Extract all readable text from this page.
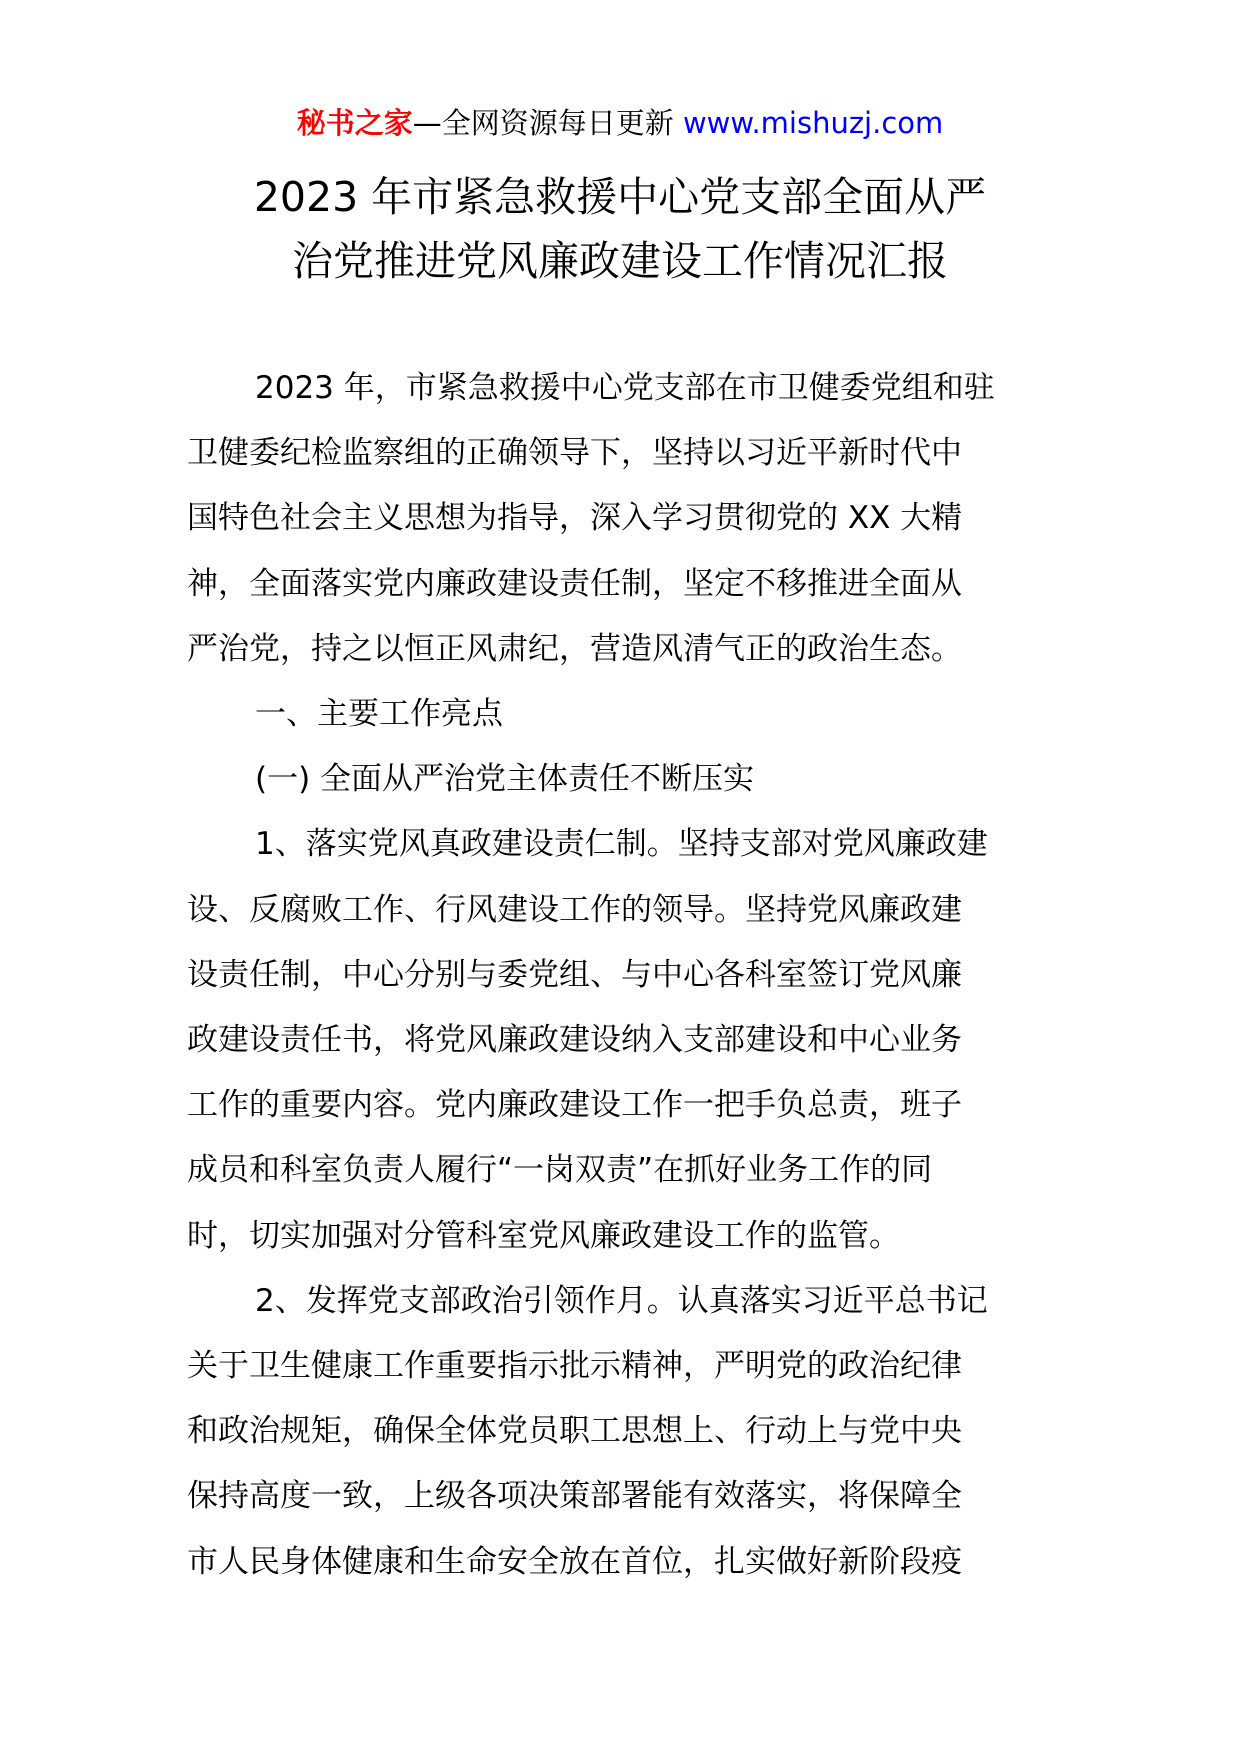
秘书之家—全网资源每日更新 www.mishuzj.com
2023 年市紧急救援中心党支部全面从严
治党推进党风廉政建设工作情况汇报

2023 年，市紧急救援中心党支部在市卫健委党组和驻
卫健委纪检监察组的正确领导下，坚持以习近平新时代中
国特色社会主义思想为指导，深入学习贯彻党的 XX 大精
神，全面落实党内廉政建设责任制，坚定不移推进全面从
严治党，持之以恒正风肃纪，营造风清气正的政治生态。

一、主要工作亮点

(一) 全面从严治党主体责任不断压实

1、落实党风真政建设责仁制。坚持支部对党风廉政建
设、反腐败工作、行风建设工作的领导。坚持党风廉政建
设责任制，中心分别与委党组、与中心各科室签订党风廉
政建设责任书，将党风廉政建设纳入支部建设和中心业务
工作的重要内容。党内廉政建设工作一把手负总责，班子
成员和科室负责人履行“一岗双责”在抓好业务工作的同
时，切实加强对分管科室党风廉政建设工作的监管。

2、发挥党支部政治引领作月。认真落实习近平总书记
关于卫生健康工作重要指示批示精神，严明党的政治纪律
和政治规矩，确保全体党员职工思想上、行动上与党中央
保持高度一致，上级各项决策部署能有效落实，将保障全
市人民身体健康和生命安全放在首位，扎实做好新阶段疫
